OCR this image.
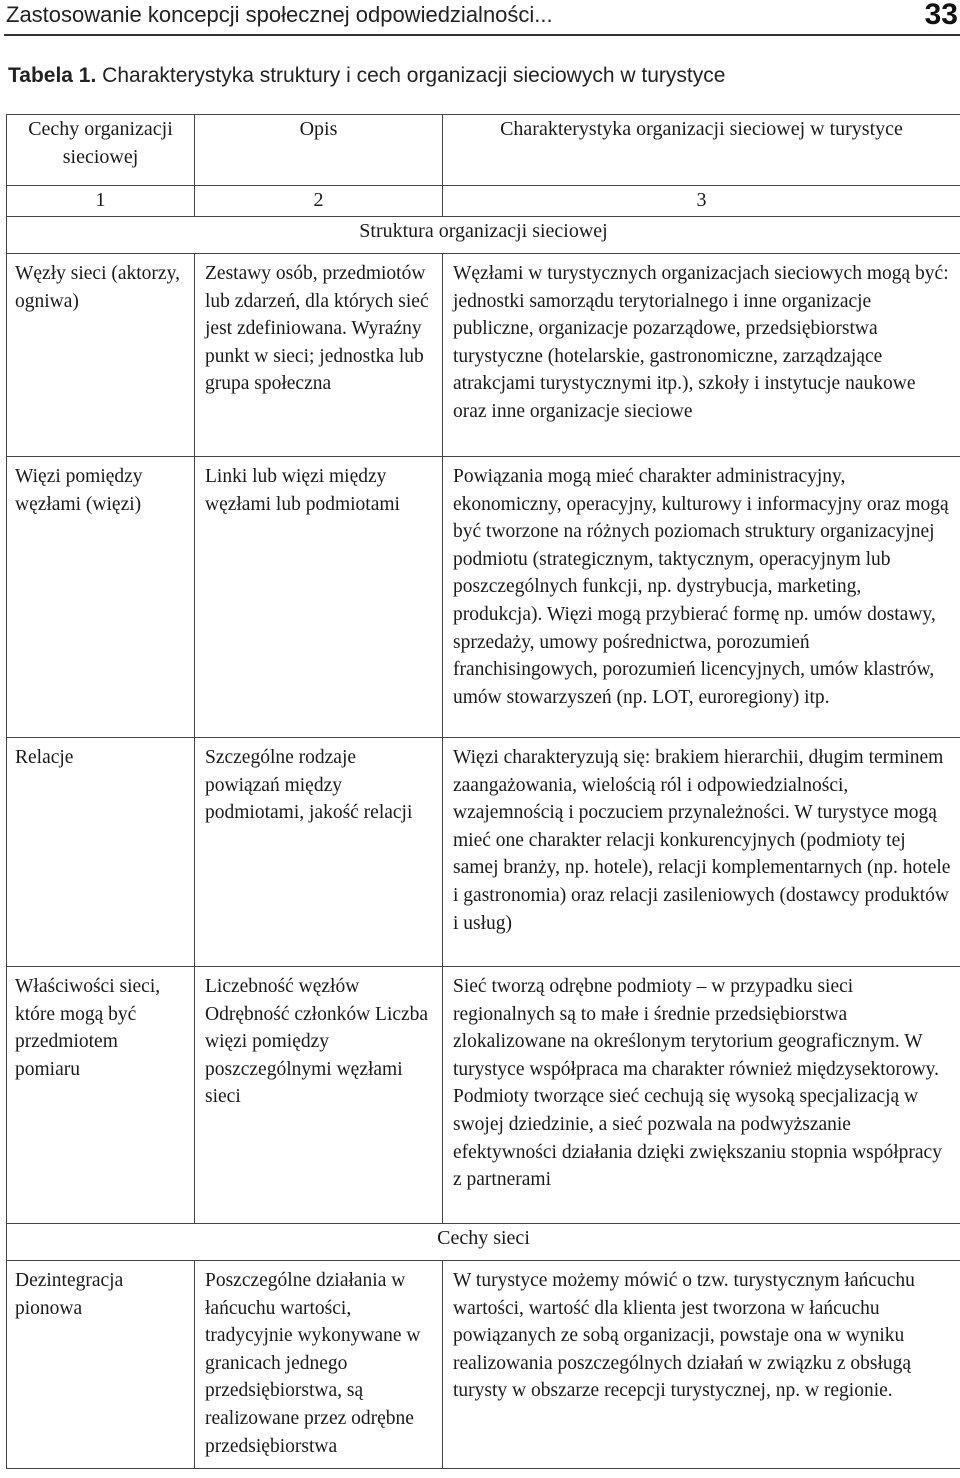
Zastosowanie koncepcji społecznej odpowiedzialności...	33
Tabela 1. Charakterystyka struktury i cech organizacji sieciowych w turystyce
Cechy organizacji sieciowej	Opis	Charakterystyka organizacji sieciowej w turystyce

1	2	3
Struktura organizacji sieciowej		

Węzły sieci (aktorzy, ogniwa)	Zestawy osób, przedmiotów lub zdarzeń, dla których sieć jest zdefiniowana. Wyraźny punkt w sieci; jednostka lub grupa społeczna	Węzłami w turystycznych organizacjach sieciowych mogą być: jednostki samorządu terytorialnego i inne organizacje publiczne, organizacje pozarządowe, przedsiębiorstwa turystyczne (hotelarskie, gastronomiczne, zarządzające atrakcjami turystycznymi itp.), szkoły i instytucje naukowe oraz inne organizacje sieciowe

Więzi pomiędzy węzłami (więzi)	Linki lub więzi między węzłami lub podmiotami	Powiązania mogą mieć charakter administracyjny, ekonomiczny, operacyjny, kulturowy i informacyjny oraz mogą być tworzone na różnych poziomach struktury organizacyjnej podmiotu (strategicznym, taktycznym, operacyjnym lub poszczególnych funkcji, np. dystrybucja, marketing, produkcja). Więzi mogą przybierać formę np. umów dostawy, sprzedaży, umowy pośrednictwa, porozumień franchisingowych, porozumień licencyjnych, umów klastrów, umów stowarzyszeń (np. LOT, euroregiony) itp.

Relacje	Szczególne rodzaje powiązań między podmiotami, jakość relacji	Więzi charakteryzują się: brakiem hierarchii, długim terminem zaangażowania, wielością ról i odpowiedzialności, wzajemnością i poczuciem przynależności. W turystyce mogą mieć one charakter relacji konkurencyjnych (podmioty tej samej branży, np. hotele), relacji komplementarnych (np. hotele i gastronomia) oraz relacji zasileniowych (dostawcy produktów i usług)

Właściwości sieci, które mogą być przedmiotem pomiaru	Liczebność węzłów Odrębność członków Liczba więzi pomiędzy poszczególnymi węzłami sieci	Sieć tworzą odrębne podmioty – w przypadku sieci regionalnych są to małe i średnie przedsiębiorstwa zlokalizowane na określonym terytorium geograficznym. W turystyce współpraca ma charakter również międzysektorowy. Podmioty tworzące sieć cechują się wysoką specjalizacją w swojej dziedzinie, a sieć pozwala na podwyższanie efektywności działania dzięki zwiększaniu stopnia współpracy z partnerami

Cechy sieci		

Dezintegracja pionowa	Poszczególne działania w łańcuchu wartości, tradycyjnie wykonywane w granicach jednego przedsiębiorstwa, są realizowane przez odrębne przedsiębiorstwa	W turystyce możemy mówić o tzw. turystycznym łańcuchu wartości, wartość dla klienta jest tworzona w łańcuchu powiązanych ze sobą organizacji, powstaje ona w wyniku realizowania poszczególnych działań w związku z obsługą turysty w obszarze recepcji turystycznej, np. w regionie.
